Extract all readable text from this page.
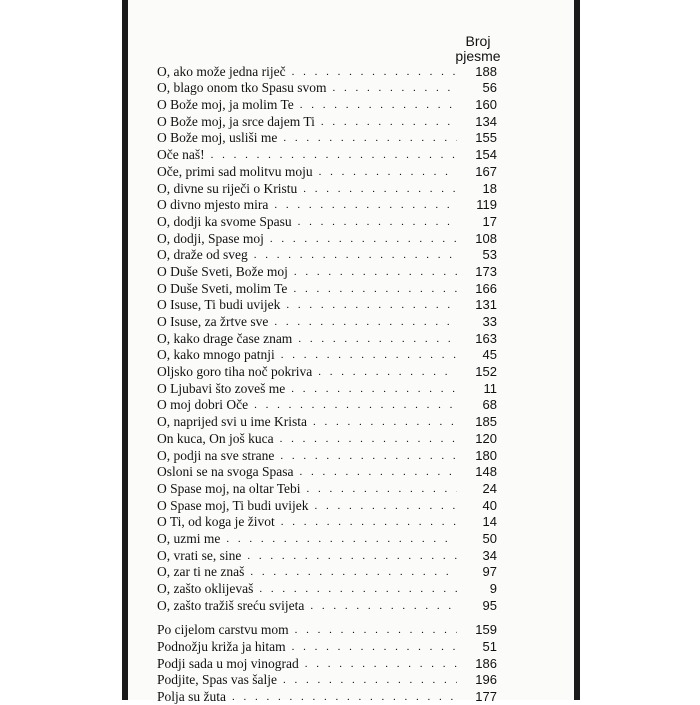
Broj
pjesme
O, ako može jedna riječ . . .	188
O, blago onom tko Spasu svom . . .	56
O Bože moj, ja molim Te . . .	160
O Bože moj, ja srce dajem Ti . . .	134
O Bože moj, usliši me . . .	155
Oče naš! . . .	154
Oče, primi sad molitvu moju . . .	167
O, divne su riječi o Kristu . . .	18
O divno mjesto mira . . .	119
O, dodji ka svome Spasu . . .	17
O, dodji, Spase moj . . .	108
O, draže od sveg . . .	53
O Duše Sveti, Bože moj . . .	173
O Duše Sveti, molim Te . . .	166
O Isuse, Ti budi uvijek . . .	131
O Isuse, za žrtve sve . . .	33
O, kako drage čase znam . . .	163
O, kako mnogo patnji . . .	45
Oljsko goro tiha noč pokriva . . .	152
O Ljubavi što zoveš me . . .	11
O moj dobri Oče . . .	68
O, naprijed svi u ime Krista . . .	185
On kuca, On još kuca . . .	120
O, podji na sve strane . . .	180
Osloni se na svoga Spasa . . .	148
O Spase moj, na oltar Tebi . . .	24
O Spase moj, Ti budi uvijek . . .	40
O Ti, od koga je život . . .	14
O, uzmi me . . .	50
O, vrati se, sine . . .	34
O, zar ti ne znaš . . .	97
O, zašto oklijevaš . . .	9
O, zašto tražiš sreću svijeta . . .	95
Po cijelom carstvu mom . . .	159
Podnožju križa ja hitam . . .	51
Podji sada u moj vinograd . . .	186
Podjite, Spas vas šalje . . .	196
Polja su žuta . . .	177
